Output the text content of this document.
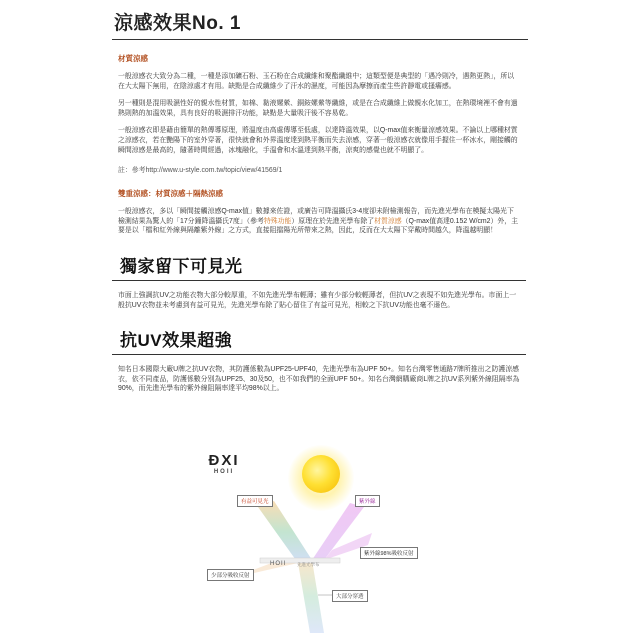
涼感效果No. 1
材質涼感

一般涼感衣大致分為二種，一種是添加礦石粉、玉石粉在合成纖維和聚酯纖維中；這類型便是典型的「遇冷則冷，遇熱更熱」，所以在大太陽下無用，在陰涼處才有用。缺點是合成纖維少了汗水的濕度，可能因為摩擦而產生些許靜電或搔癢感。

另一種則是混用吸濕性好的親水性材質，如棉、黏液嫘縈、銅銨嫘縈等纖維，或是在合成纖維上做親水化加工，在熱環境裡不會有過熱則熱的加溫效果，具有良好的吸濕排汗功能，缺點是大量吸汗後不容易乾。

一般涼感衣即是藉由簡單的熱傳導原理，將溫度由高處傳導至低處，以達降溫效果，以Q-max值來衡量涼感效果。不論以上哪種材質之涼感衣，若在艷陽下的室外穿著，很快就會和外界溫度達到熱平衡而失去涼感，穿著一般涼感衣就像用手握住一杯冰水，剛接觸的瞬間涼感是最高的，隨著時間經過，冰塊融化，手溫會和水溫達到熱平衡，涼爽的感覺也就不明顯了。

註：參考http://www.u-style.com.tw/topic/view/41569/1
雙重涼感：材質涼感＋隔熱涼感

一般涼感衣，多以「瞬間接觸涼感Q-max值」數據來佐證，或廣告可降溫攝氏3-4度卻未附檢測報告，而先進光學布在模擬太陽光下檢測結果為驚人的「17分鐘降溫攝氏7度」（參考特殊功能）原理在於先進光學布除了材質涼感（Q-max值高達0.152 W/cm2）外，主要是以「檔和紅外線與隔離紫外線」之方式，直接阻擋陽光所帶來之熱，因此，反而在大太陽下穿戴時間越久，降溫越明顯！

獨家留下可見光

市面上強調抗UV之功能衣物大部分較厚重，不如先進光學布輕薄；雖有少部分較輕薄者，但抗UV之表現不如先進光學布。市面上一般抗UV衣物並未考慮到有益可見光，先進光學布除了貼心留住了有益可見光，相較之下抗UV功能也毫不遜色。

抗UV效果超強

知名日本國際大廠U牌之抗UV衣物，其防護係數為UPF25-UPF40，先進光學布為UPF 50+。知名台灣零售通路7牌所推出之防護涼感衣，依不同產品，防護係數分別為UPF25、30及50，也不如我們的全面UPF 50+。知名台灣網購廠商L牌之抗UV系列紫外線阻隔率為90%，而先進光學布的紫外線阻隔率達平均98%以上。

ĐXI
HOII
有益可見光	紫外線
紫外線98%吸收反射
HOII 先進光學布
少部分吸收反射
大部分穿透
